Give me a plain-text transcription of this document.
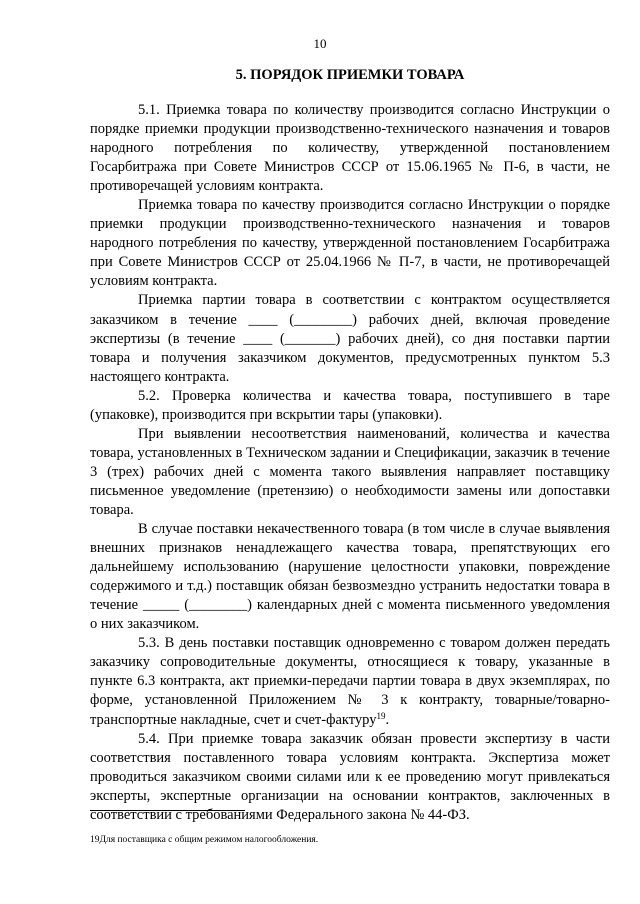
10
5. ПОРЯДОК ПРИЕМКИ ТОВАРА

5.1. Приемка товара по количеству производится согласно Инструкции о порядке приемки продукции производственно-технического назначения и товаров народного потребления по количеству, утвержденной постановлением Госарбитража при Совете Министров СССР от 15.06.1965 № П-6, в части, не противоречащей условиям контракта.

Приемка товара по качеству производится согласно Инструкции о порядке приемки продукции производственно-технического назначения и товаров народного потребления по качеству, утвержденной постановлением Госарбитража при Совете Министров СССР от 25.04.1966 № П-7, в части, не противоречащей условиям контракта.

Приемка партии товара в соответствии с контрактом осуществляется заказчиком в течение ____ (________) рабочих дней, включая проведение экспертизы (в течение ____ (_______) рабочих дней), со дня поставки партии товара и получения заказчиком документов, предусмотренных пунктом 5.3 настоящего контракта.

5.2. Проверка количества и качества товара, поступившего в таре (упаковке), производится при вскрытии тары (упаковки).

При выявлении несоответствия наименований, количества и качества товара, установленных в Техническом задании и Спецификации, заказчик в течение 3 (трех) рабочих дней с момента такого выявления направляет поставщику письменное уведомление (претензию) о необходимости замены или допоставки товара.

В случае поставки некачественного товара (в том числе в случае выявления внешних признаков ненадлежащего качества товара, препятствующих его дальнейшему использованию (нарушение целостности упаковки, повреждение содержимого и т.д.) поставщик обязан безвозмездно устранить недостатки товара в течение _____ (________) календарных дней с момента письменного уведомления о них заказчиком.

5.3. В день поставки поставщик одновременно с товаром должен передать заказчику сопроводительные документы, относящиеся к товару, указанные в пункте 6.3 контракта, акт приемки-передачи партии товара в двух экземплярах, по форме, установленной Приложением № 3 к контракту, товарные/товарно-транспортные накладные, счет и счет-фактуру$^{19}$.

5.4. При приемке товара заказчик обязан провести экспертизу в части соответствия поставленного товара условиям контракта. Экспертиза может проводиться заказчиком своими силами или к ее проведению могут привлекаться эксперты, экспертные организации на основании контрактов, заключенных в соответствии с требованиями Федерального закона № 44-ФЗ.

19Для поставщика с общим режимом налогообложения.
